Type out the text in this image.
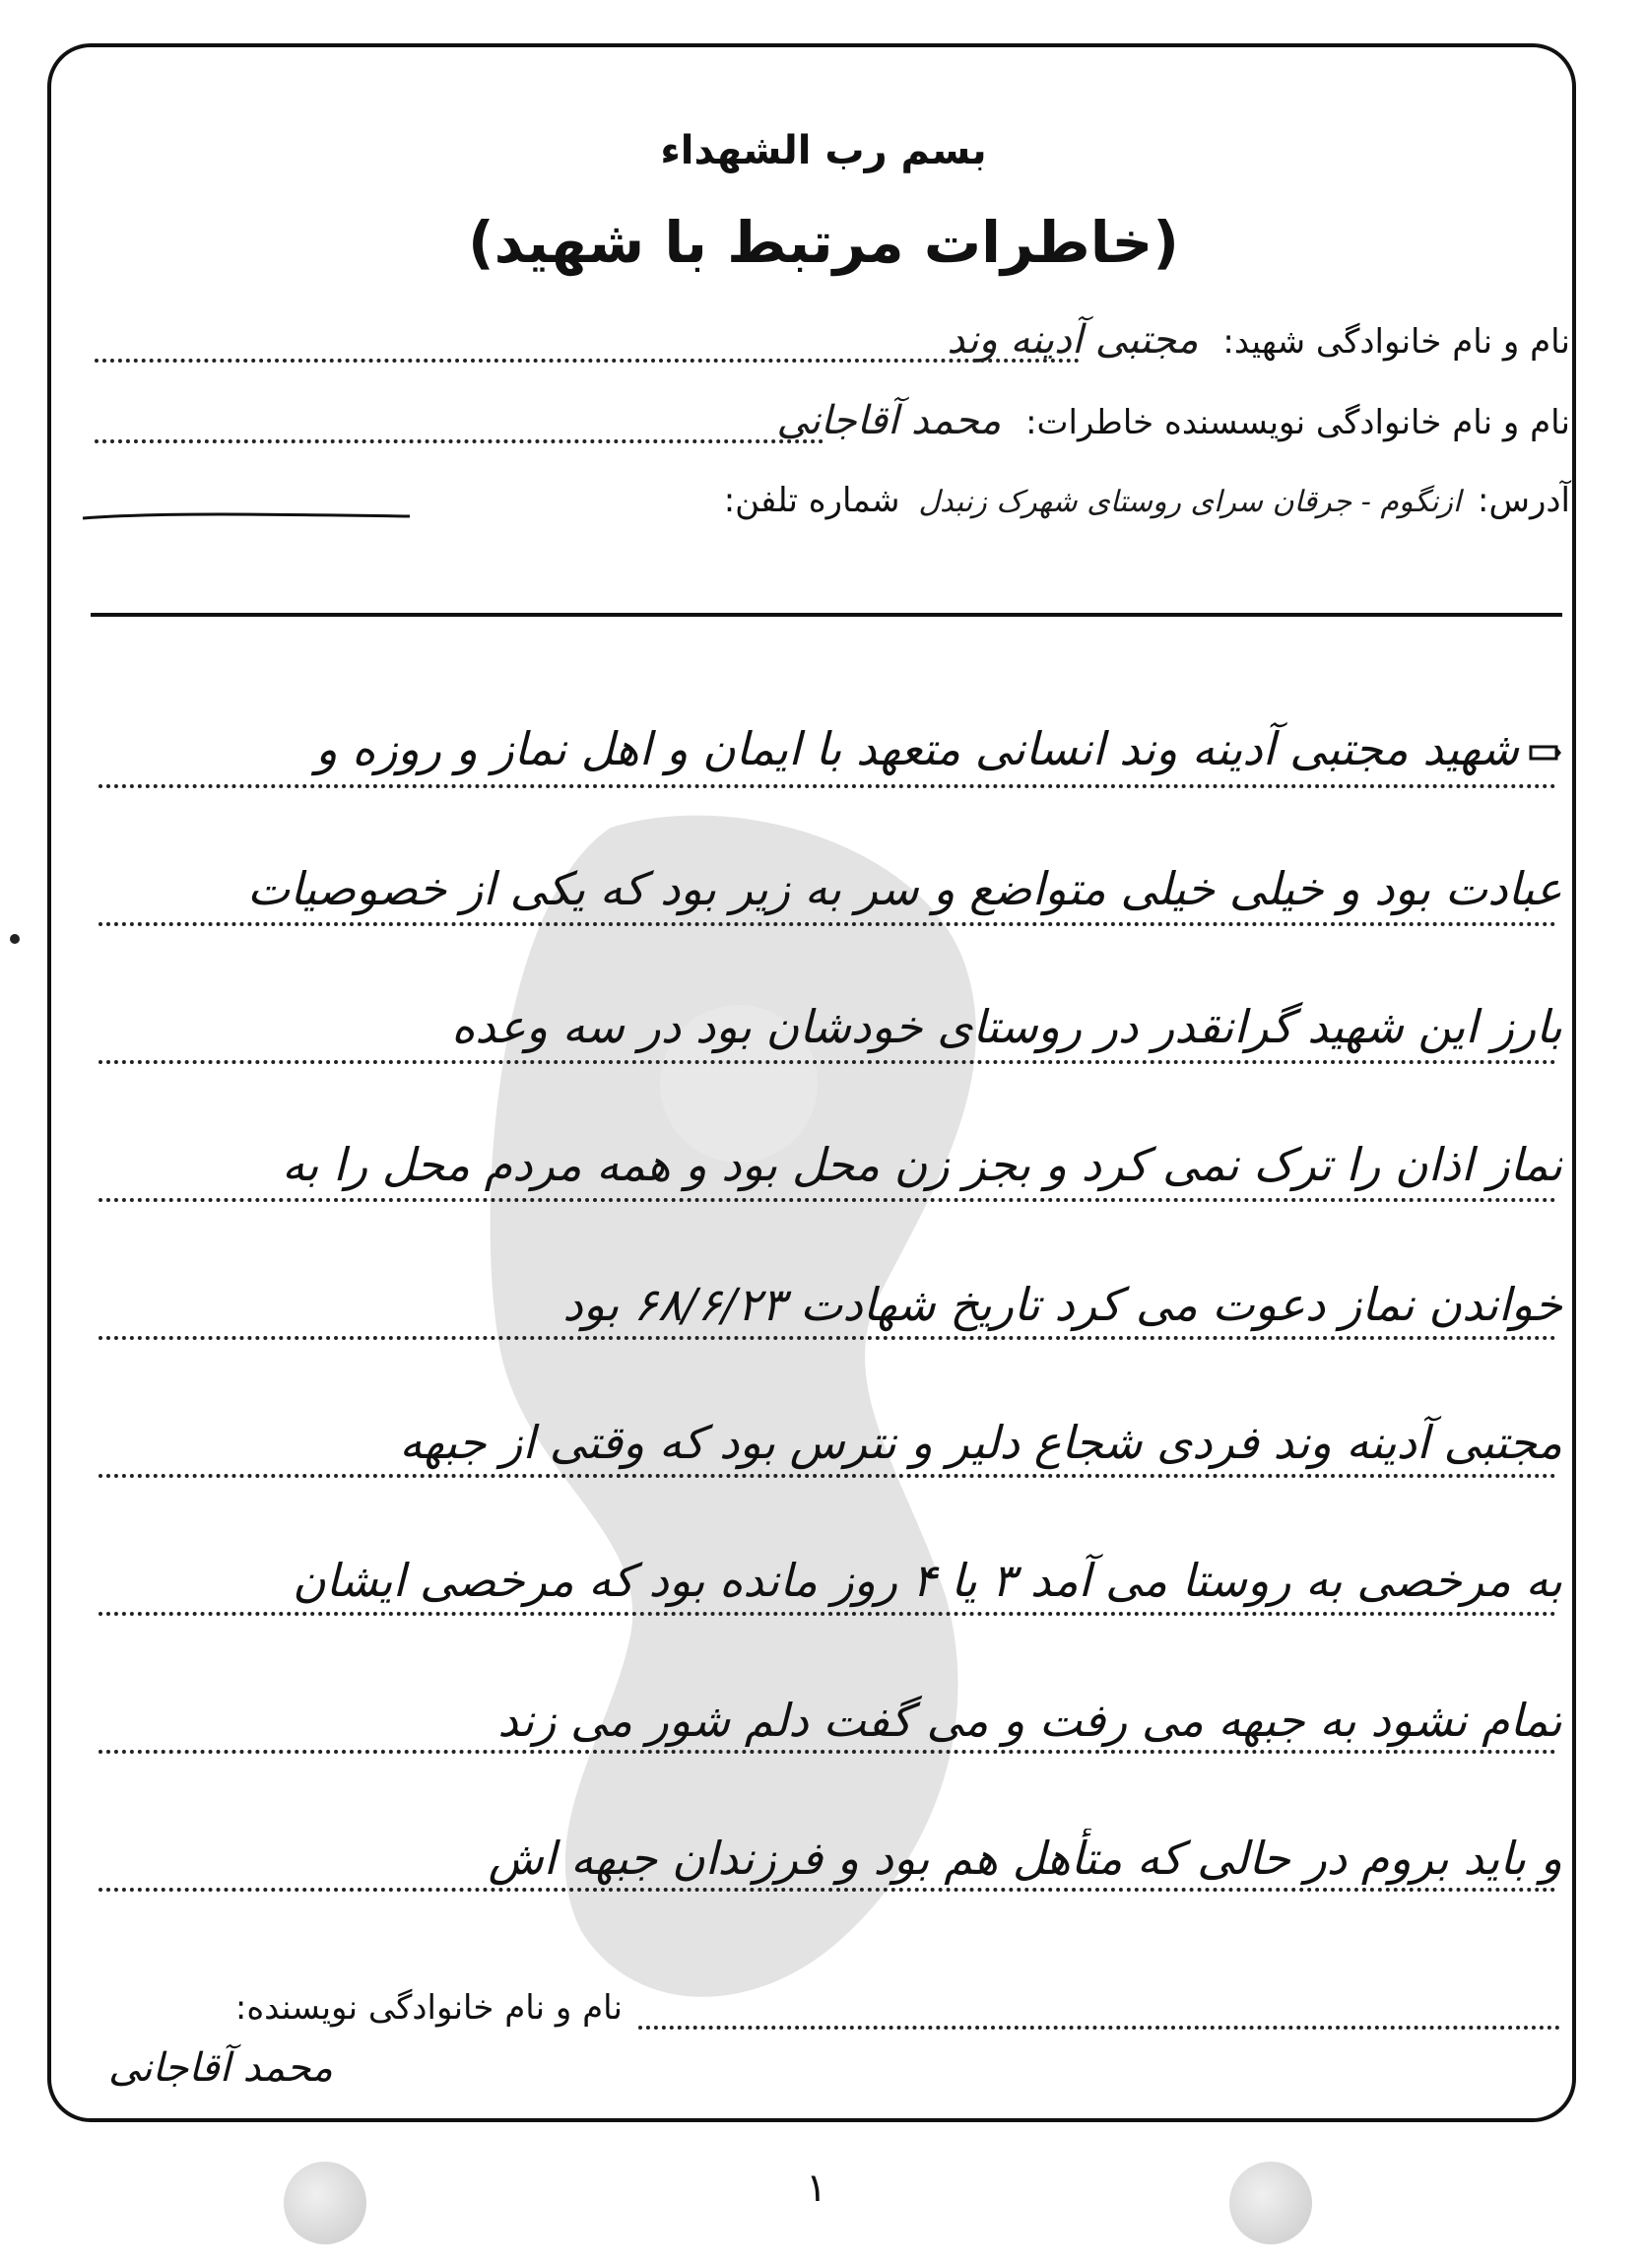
بسم رب الشهداء
(خاطرات مرتبط با شهید)
نام و نام خانوادگی شهید: مجتبی آدینه وند
نام و نام خانوادگی نویسسنده خاطرات: محمد آقاجانی
آدرس: ازنگوم - جرقان سرای روستای شهرک زنبدل شماره تلفن:
شهید مجتبی آدینه وند انسانی متعهد با ایمان و اهل نماز و روزه و
عبادت بود و خیلی خیلی متواضع و سر به زیر بود که یکی از خصوصیات
بارز این شهید گرانقدر در روستای خودشان بود در سه وعده
نماز اذان را ترک نمی کرد و بجز زن محل بود و همه مردم محل را به
خواندن نماز دعوت می کرد تاریخ شهادت ۶۸/۶/۲۳ بود
مجتبی آدینه وند فردی شجاع دلیر و نترس بود که وقتی از جبهه
به مرخصی به روستا می آمد ۳ یا ۴ روز مانده بود که مرخصی ایشان
تمام نشود به جبهه می رفت و می گفت دلم شور می زند
و باید بروم در حالی که متأهل هم بود و فرزندان جبهه اش
نام و نام خانوادگی نویسنده:
محمد آقاجانی
۱
